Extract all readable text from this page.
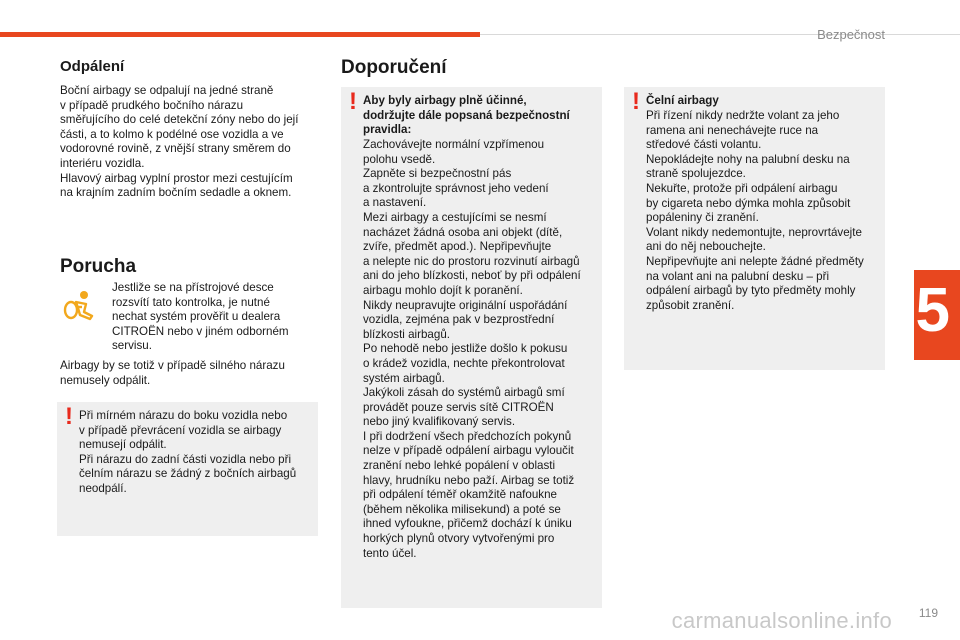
Bezpečnost
5
Odpálení
Boční airbagy se odpalují na jedné straně
v případě prudkého bočního nárazu
směřujícího do celé detekční zóny nebo do její
části, a to kolmo k podélné ose vozidla a ve
vodorovné rovině, z vnější strany směrem do
interiéru vozidla.
Hlavový airbag vyplní prostor mezi cestujícím
na krajním zadním bočním sedadle a oknem.
Porucha
Jestliže se na přístrojové desce
rozsvítí tato kontrolka, je nutné
nechat systém prověřit u dealera
CITROËN nebo v jiném odborném
servisu.
Airbagy by se totiž v případě silného nárazu
nemusely odpálit.
! Při mírném nárazu do boku vozidla nebo
v případě převrácení vozidla se airbagy
nemusejí odpálit.
Při nárazu do zadní části vozidla nebo při
čelním nárazu se žádný z bočních airbagů
neodpálí.
Doporučení
! Aby byly airbagy plně účinné,
dodržujte dále popsaná bezpečnostní
pravidla:
Zachovávejte normální vzpřímenou
polohu vsedě.
Zapněte si bezpečnostní pás
a zkontrolujte správnost jeho vedení
a nastavení.
Mezi airbagy a cestujícími se nesmí
nacházet žádná osoba ani objekt (dítě,
zvíře, předmět apod.). Nepřipevňujte
a nelepte nic do prostoru rozvinutí airbagů
ani do jeho blízkosti, neboť by při odpálení
airbagu mohlo dojít k poranění.
Nikdy neupravujte originální uspořádání
vozidla, zejména pak v bezprostřední
blízkosti airbagů.
Po nehodě nebo jestliže došlo k pokusu
o krádež vozidla, nechte překontrolovat
systém airbagů.
Jakýkoli zásah do systémů airbagů smí
provádět pouze servis sítě CITROËN
nebo jiný kvalifikovaný servis.
I při dodržení všech předchozích pokynů
nelze v případě odpálení airbagu vyloučit
zranění nebo lehké popálení v oblasti
hlavy, hrudníku nebo paží. Airbag se totiž
při odpálení téměř okamžitě nafoukne
(během několika milisekund) a poté se
ihned vyfoukne, přičemž dochází k úniku
horkých plynů otvory vytvořenými pro
tento účel.
! Čelní airbagy
Při řízení nikdy nedržte volant za jeho
ramena ani nenechávejte ruce na
středové části volantu.
Nepokládejte nohy na palubní desku na
straně spolujezdce.
Nekuřte, protože při odpálení airbagu
by cigareta nebo dýmka mohla způsobit
popáleniny či zranění.
Volant nikdy nedemontujte, neprovrtávejte
ani do něj nebouchejte.
Nepřipevňujte ani nelepte žádné předměty
na volant ani na palubní desku – při
odpálení airbagů by tyto předměty mohly
způsobit zranění.
carmanualsonline.info 119
